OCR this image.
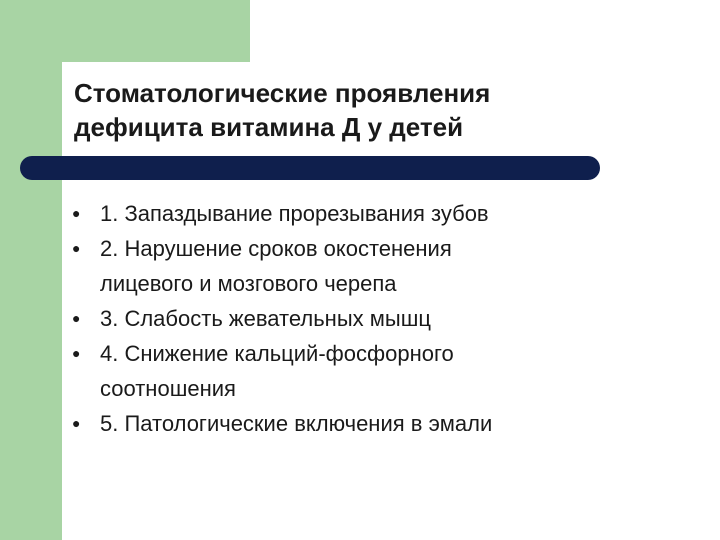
Стоматологические проявления
дефицита витамина Д у детей
● 1. Запаздывание прорезывания зубов
● 2. Нарушение сроков окостенения
лицевого и мозгового черепа
● 3. Слабость жевательных мышц
● 4. Снижение кальций-фосфорного
соотношения
● 5. Патологические включения в эмали
